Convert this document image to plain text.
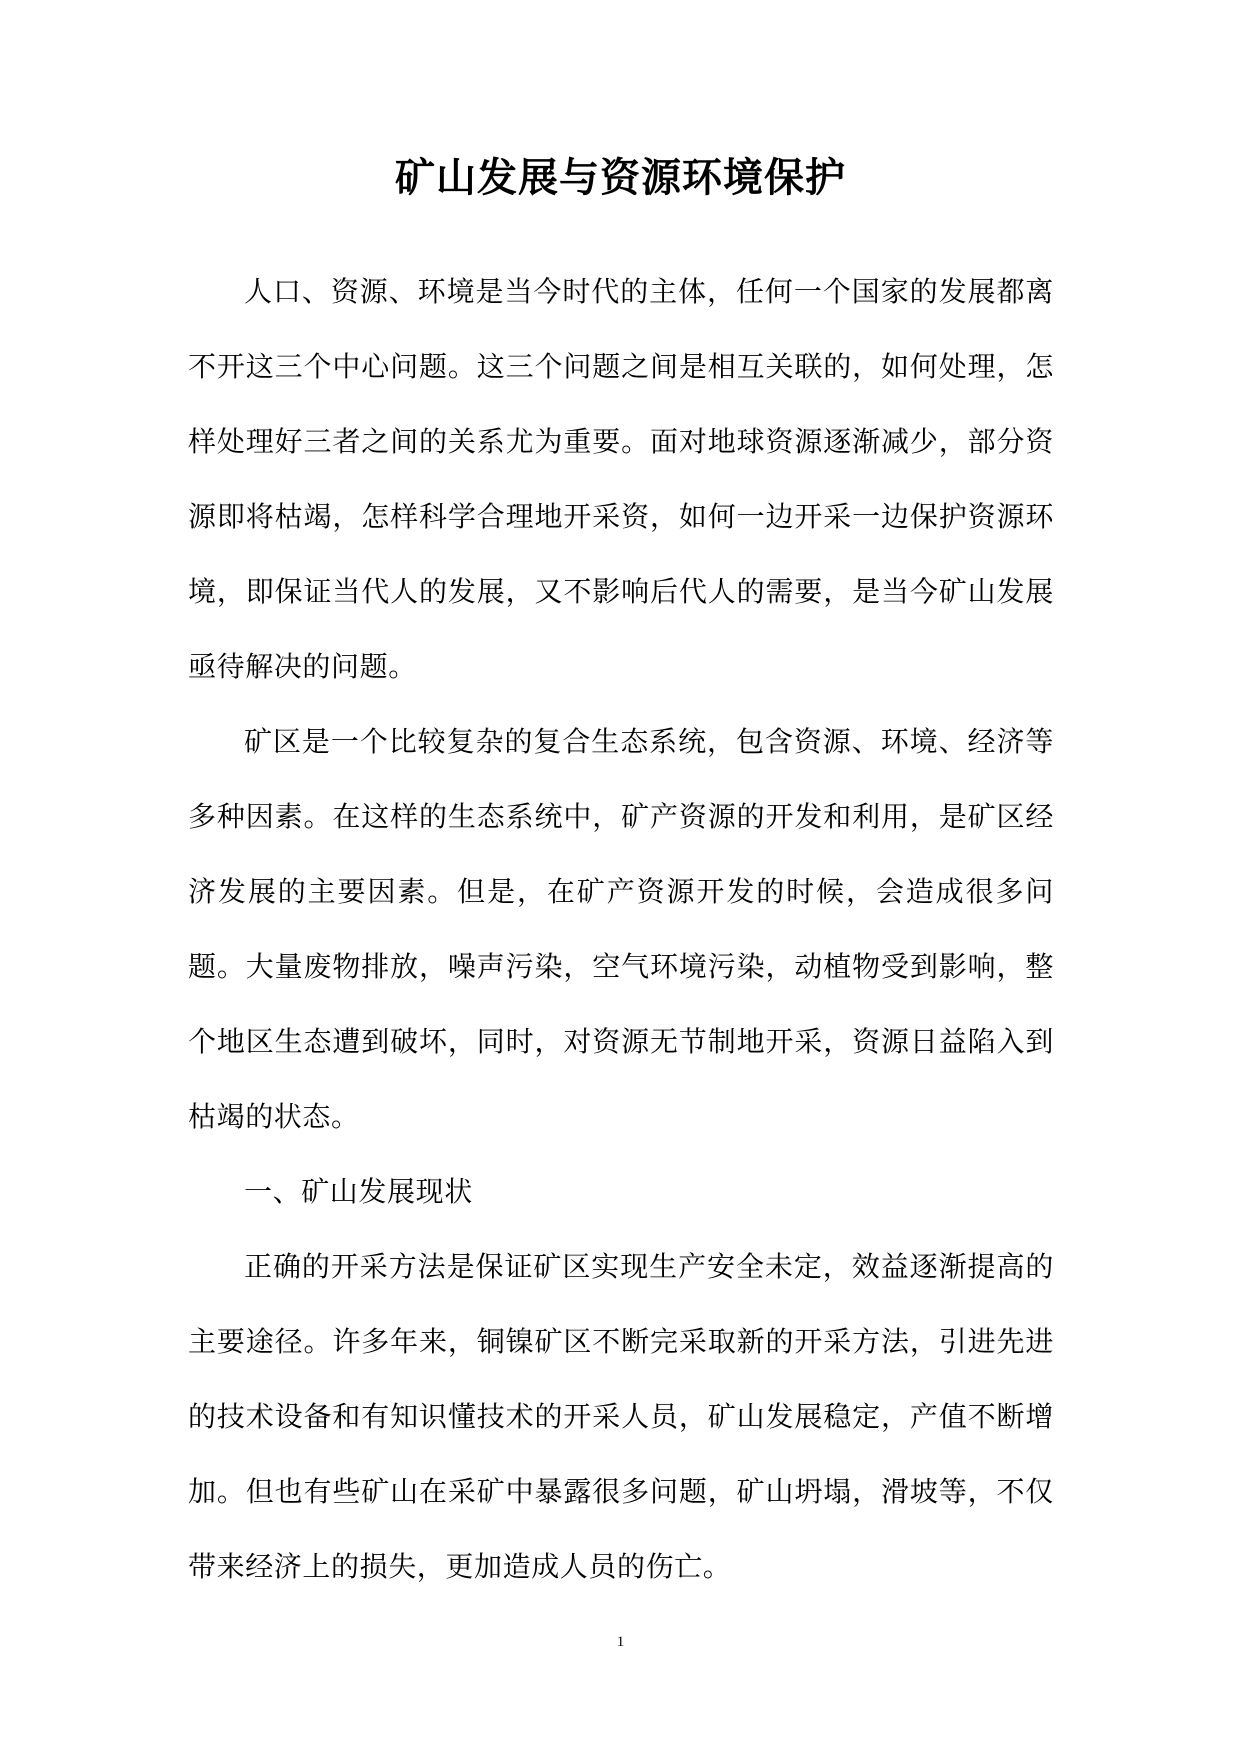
矿山发展与资源环境保护

人口、资源、环境是当今时代的主体，任何一个国家的发展都离不开这三个中心问题。这三个问题之间是相互关联的，如何处理，怎样处理好三者之间的关系尤为重要。面对地球资源逐渐减少，部分资源即将枯竭，怎样科学合理地开采资，如何一边开采一边保护资源环境，即保证当代人的发展，又不影响后代人的需要，是当今矿山发展亟待解决的问题。

矿区是一个比较复杂的复合生态系统，包含资源、环境、经济等多种因素。在这样的生态系统中，矿产资源的开发和利用，是矿区经济发展的主要因素。但是，在矿产资源开发的时候，会造成很多问题。大量废物排放，噪声污染，空气环境污染，动植物受到影响，整个地区生态遭到破坏，同时，对资源无节制地开采，资源日益陷入到枯竭的状态。

一、矿山发展现状

正确的开采方法是保证矿区实现生产安全未定，效益逐渐提高的主要途径。许多年来，铜镍矿区不断完采取新的开采方法，引进先进的技术设备和有知识懂技术的开采人员，矿山发展稳定，产值不断增加。但也有些矿山在采矿中暴露很多问题，矿山坍塌，滑坡等，不仅带来经济上的损失，更加造成人员的伤亡。

1
